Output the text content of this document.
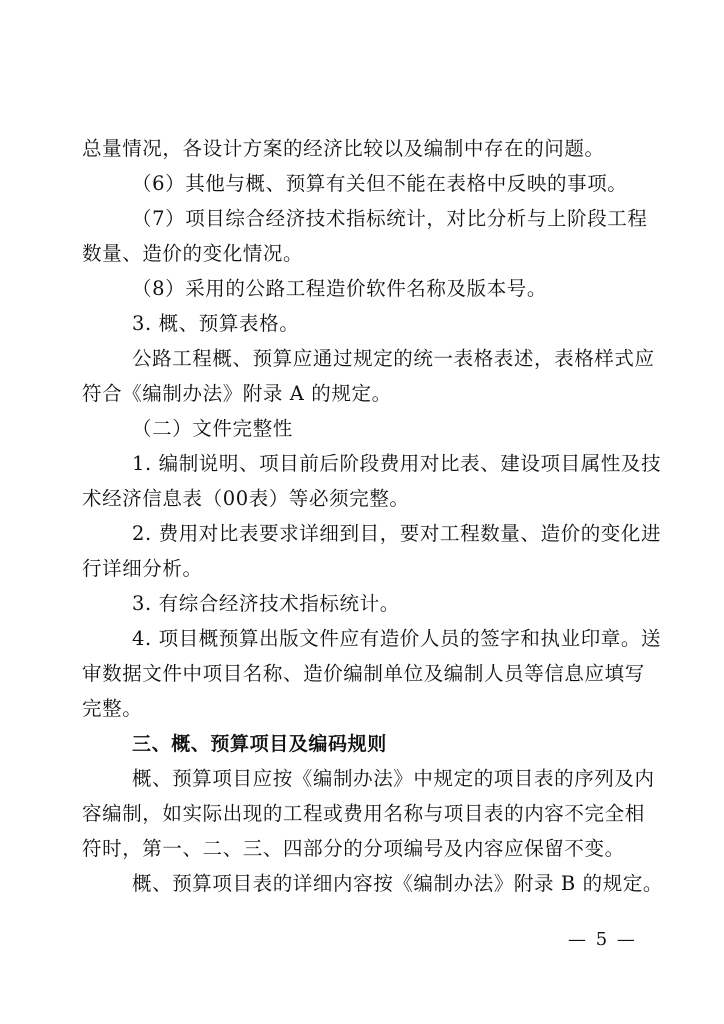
总量情况，各设计方案的经济比较以及编制中存在的问题。
（6）其他与概、预算有关但不能在表格中反映的事项。
（7）项目综合经济技术指标统计，对比分析与上阶段工程
数量、造价的变化情况。
（8）采用的公路工程造价软件名称及版本号。
3. 概、预算表格。
公路工程概、预算应通过规定的统一表格表述，表格样式应
符合《编制办法》附录 A 的规定。
（二）文件完整性
1. 编制说明、项目前后阶段费用对比表、建设项目属性及技
术经济信息表（00表）等必须完整。
2. 费用对比表要求详细到目，要对工程数量、造价的变化进
行详细分析。
3. 有综合经济技术指标统计。
4. 项目概预算出版文件应有造价人员的签字和执业印章。送
审数据文件中项目名称、造价编制单位及编制人员等信息应填写
完整。
三、概、预算项目及编码规则
概、预算项目应按《编制办法》中规定的项目表的序列及内
容编制，如实际出现的工程或费用名称与项目表的内容不完全相
符时，第一、二、三、四部分的分项编号及内容应保留不变。
概、预算项目表的详细内容按《编制办法》附录 B 的规定。
— 5 —
